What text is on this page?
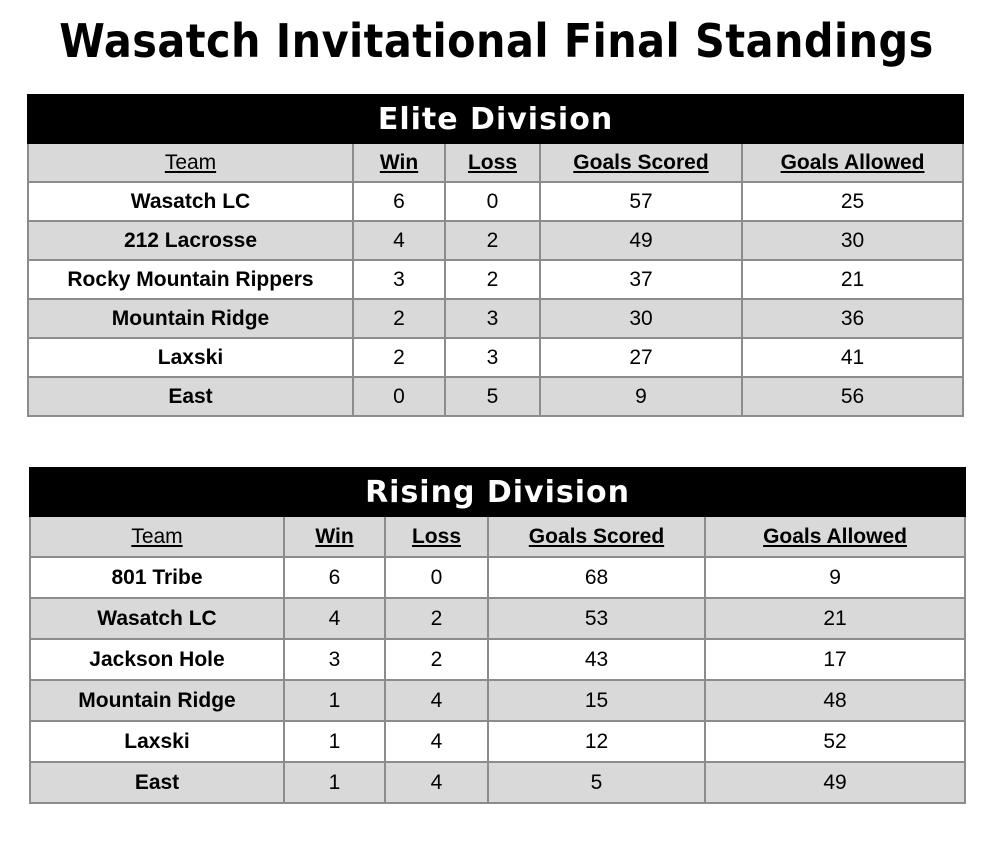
Wasatch Invitational Final Standings
Elite Division				
Team	Win	Loss	Goals Scored	Goals Allowed
Wasatch LC	6	0	57	25
212 Lacrosse	4	2	49	30
Rocky Mountain Rippers	3	2	37	21
Mountain Ridge	2	3	30	36
Laxski	2	3	27	41
East	0	5	9	56
Rising Division				
Team	Win	Loss	Goals Scored	Goals Allowed
801 Tribe	6	0	68	9
Wasatch LC	4	2	53	21
Jackson Hole	3	2	43	17
Mountain Ridge	1	4	15	48
Laxski	1	4	12	52
East	1	4	5	49
